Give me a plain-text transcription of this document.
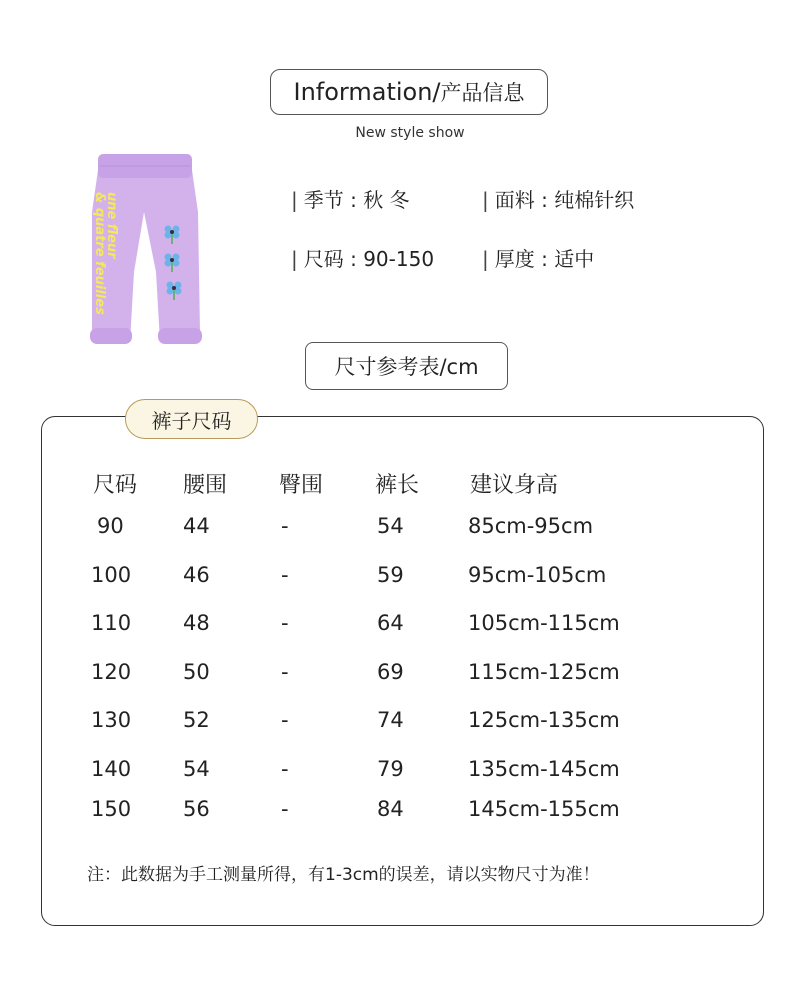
Information/ 产品信息
New style show
une fleur
& quatre feuilles	| 季节 : 秋 冬	| 面料 : 纯棉针织
| 尺码 : 90-150 | 厚度 : 适中
尺寸参考表/cm
裤子尺码
尺码 腰围 臀围 裤长 建议身高
90	44	-	54	85cm-95cm
100 46	-	59	95cm-105cm
110 48	-	64	105cm-115cm
120 50	-	69	115cm-125cm
130 52	-	74	125cm-135cm
140 54	-	79	135cm-145cm
150 56	-	84	145cm-155cm
注：此数据为手工测量所得，有1-3cm的误差，请以实物尺寸为准！
